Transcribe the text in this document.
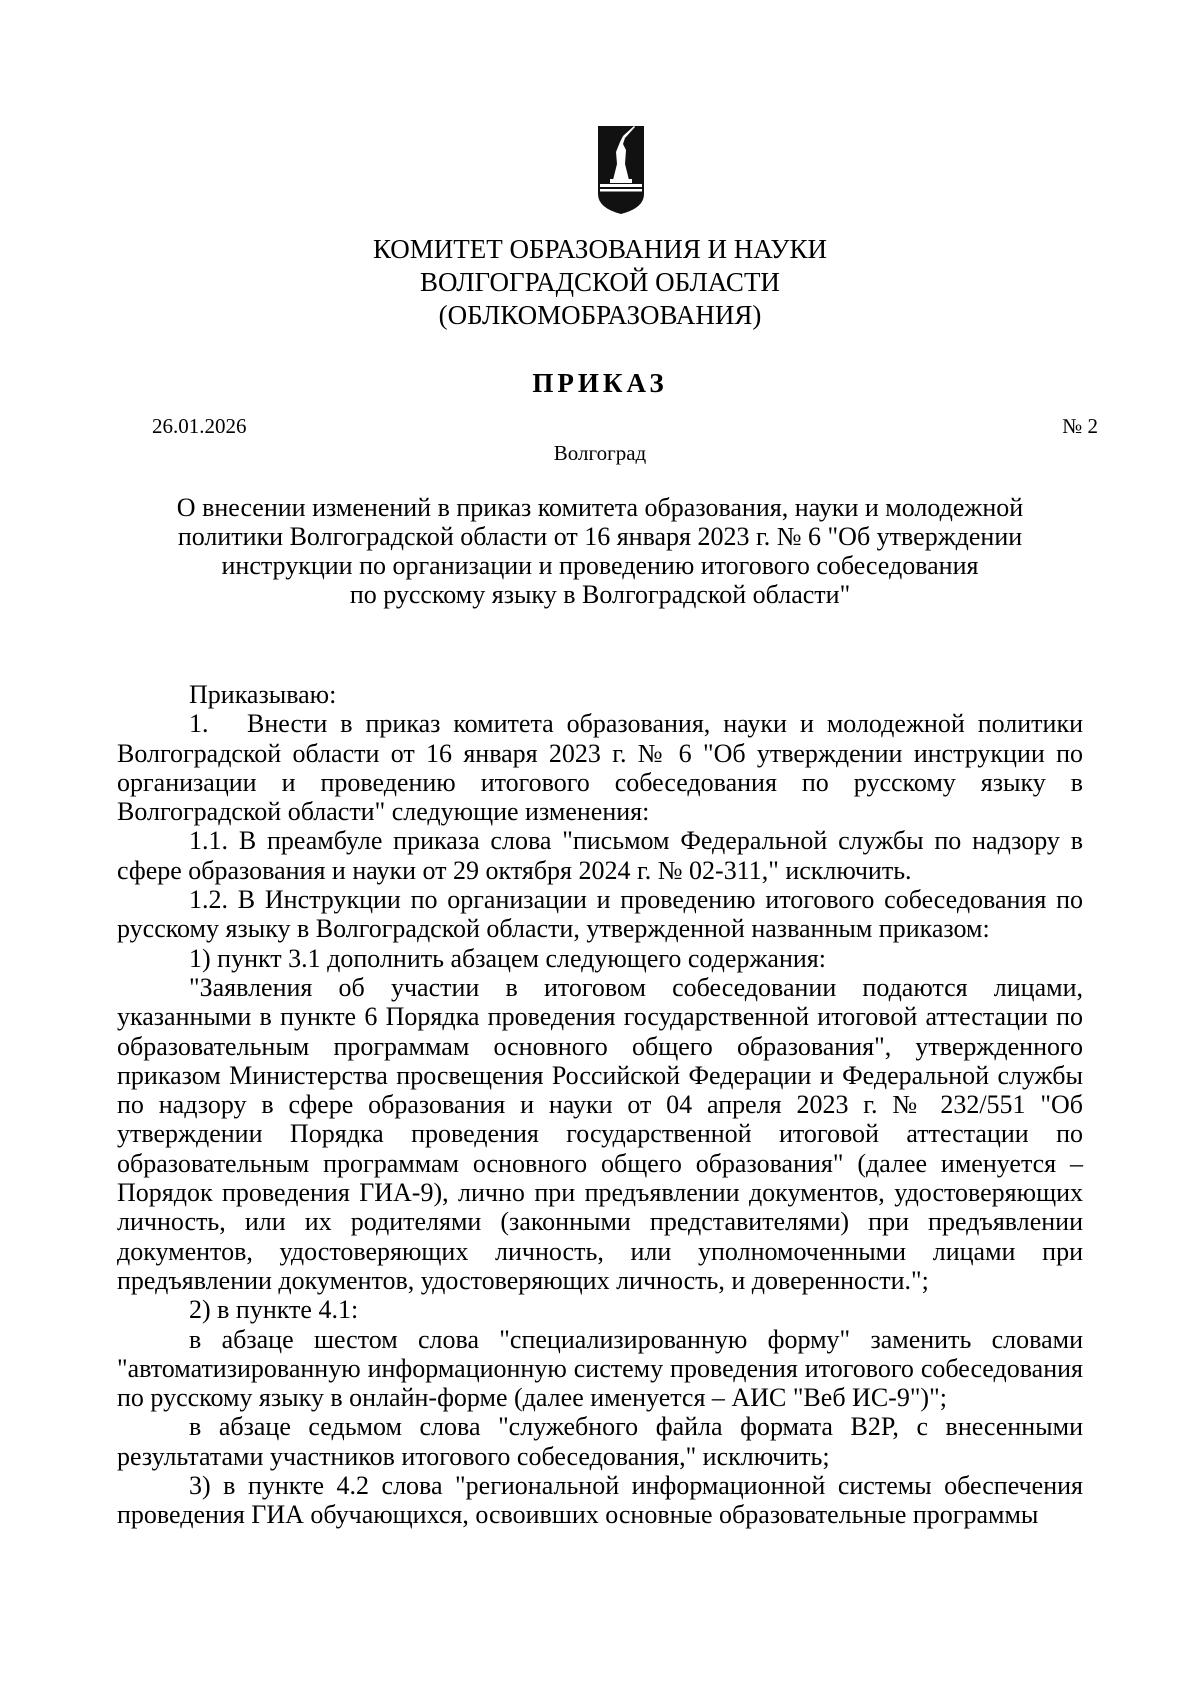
КОМИТЕТ ОБРАЗОВАНИЯ И НАУКИ
ВОЛГОГРАДСКОЙ ОБЛАСТИ
(ОБЛКОМОБРАЗОВАНИЯ)
ПРИКАЗ
26.01.2026	№ 2
Волгоград
О внесении изменений в приказ комитета образования, науки и молодежной
политики Волгоградской области от 16 января 2023 г. № 6 "Об утверждении
инструкции по организации и проведению итогового собеседования
по русскому языку в Волгоградской области"

Приказываю:

1. Внести в приказ комитета образования, науки и молодежной политики Волгоградской области от 16 января 2023 г. № 6 "Об утверждении инструкции по организации и проведению итогового собеседования по русскому языку в Волгоградской области" следующие изменения:

1.1. В преамбуле приказа слова "письмом Федеральной службы по надзору в сфере образования и науки от 29 октября 2024 г. № 02-311," исключить.

1.2. В Инструкции по организации и проведению итогового собеседования по русскому языку в Волгоградской области, утвержденной названным приказом:

1) пункт 3.1 дополнить абзацем следующего содержания:

"Заявления об участии в итоговом собеседовании подаются лицами, указанными в пункте 6 Порядка проведения государственной итоговой аттестации по образовательным программам основного общего образования", утвержденного приказом Министерства просвещения Российской Федерации и Федеральной службы по надзору в сфере образования и науки от 04 апреля 2023 г. № 232/551 "Об утверждении Порядка проведения государственной итоговой аттестации по образовательным программам основного общего образования" (далее именуется – Порядок проведения ГИА-9), лично при предъявлении документов, удостоверяющих личность, или их родителями (законными представителями) при предъявлении документов, удостоверяющих личность, или уполномоченными лицами при предъявлении документов, удостоверяющих личность, и доверенности.";

2) в пункте 4.1:

в абзаце шестом слова "специализированную форму" заменить словами "автоматизированную информационную систему проведения итогового собеседования по русскому языку в онлайн-форме (далее именуется – АИС "Веб ИС-9")";

в абзаце седьмом слова "служебного файла формата B2P, с внесенными результатами участников итогового собеседования," исключить;

3) в пункте 4.2 слова "региональной информационной системы обеспечения проведения ГИА обучающихся, освоивших основные образовательные программы
